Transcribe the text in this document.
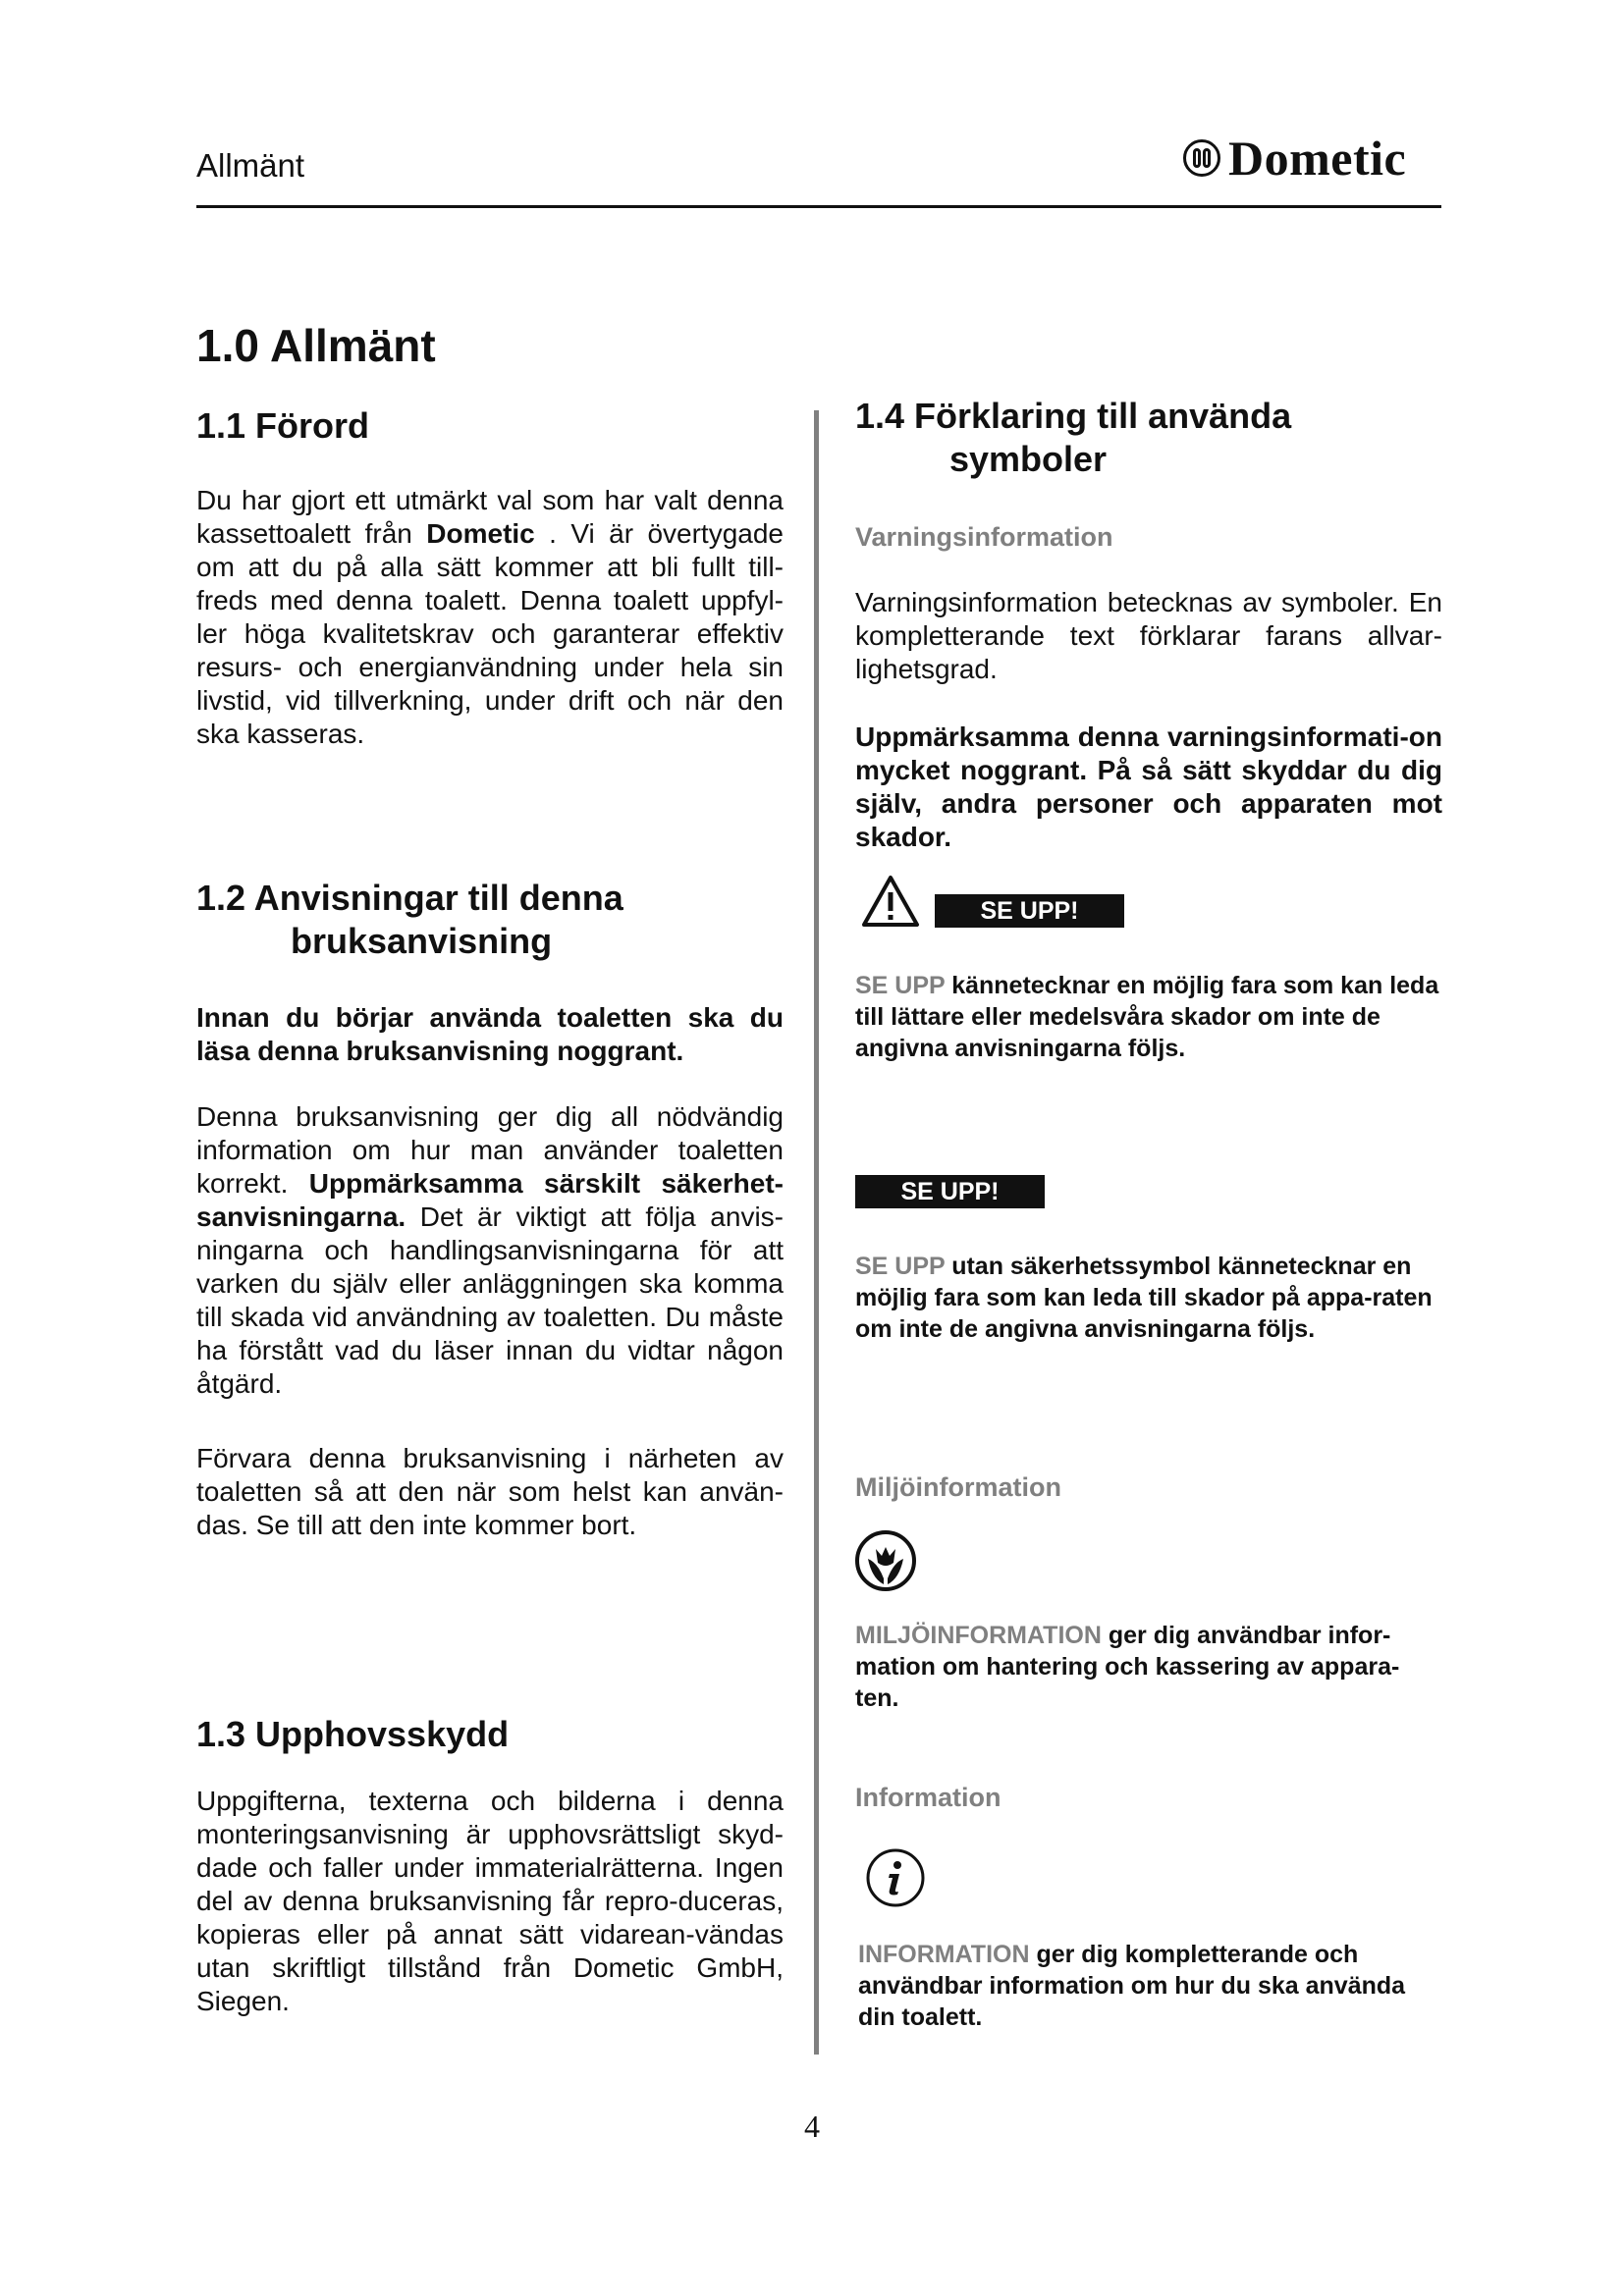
Allmänt	Dometic
1.0 Allmänt
1.1 Förord
Du har gjort ett utmärkt val som har valt denna kassettoalett från Dometic . Vi är övertygade om att du på alla sätt kommer att bli fullt till-freds med denna toalett. Denna toalett uppfyl-ler höga kvalitetskrav och garanterar effektiv resurs- och energianvändning under hela sin livstid, vid tillverkning, under drift och när den ska kasseras.
1.2 Anvisningar till denna
bruksanvisning
Innan du börjar använda toaletten ska du läsa denna bruksanvisning noggrant.
Denna bruksanvisning ger dig all nödvändig information om hur man använder toaletten korrekt. Uppmärksamma särskilt säkerhet-sanvisningarna. Det är viktigt att följa anvis-ningarna och handlingsanvisningarna för att varken du själv eller anläggningen ska komma till skada vid användning av toaletten. Du måste ha förstått vad du läser innan du vidtar någon åtgärd.
Förvara denna bruksanvisning i närheten av toaletten så att den när som helst kan använ-das. Se till att den inte kommer bort.
1.3 Upphovsskydd
Uppgifterna, texterna och bilderna i denna monteringsanvisning är upphovsrättsligt skyd-dade och faller under immaterialrätterna. Ingen del av denna bruksanvisning får repro-duceras, kopieras eller på annat sätt vidarean-vändas utan skriftligt tillstånd från Dometic GmbH, Siegen.
1.4 Förklaring till använda
symboler
Varningsinformation
Varningsinformation betecknas av symboler. En kompletterande text förklarar farans allvar-lighetsgrad.
Uppmärksamma denna varningsinformati-on mycket noggrant. På så sätt skyddar du dig själv, andra personer och apparaten mot skador.
SE UPP!
SE UPP kännetecknar en möjlig fara som kan leda till lättare eller medelsvåra skador om inte de angivna anvisningarna följs.
SE UPP!
SE UPP utan säkerhetssymbol kännetecknar en möjlig fara som kan leda till skador på appa-raten om inte de angivna anvisningarna följs.
Miljöinformation
MILJÖINFORMATION ger dig användbar infor-mation om hantering och kassering av appara-ten.
Information
INFORMATION ger dig kompletterande och användbar information om hur du ska använda din toalett.
4
